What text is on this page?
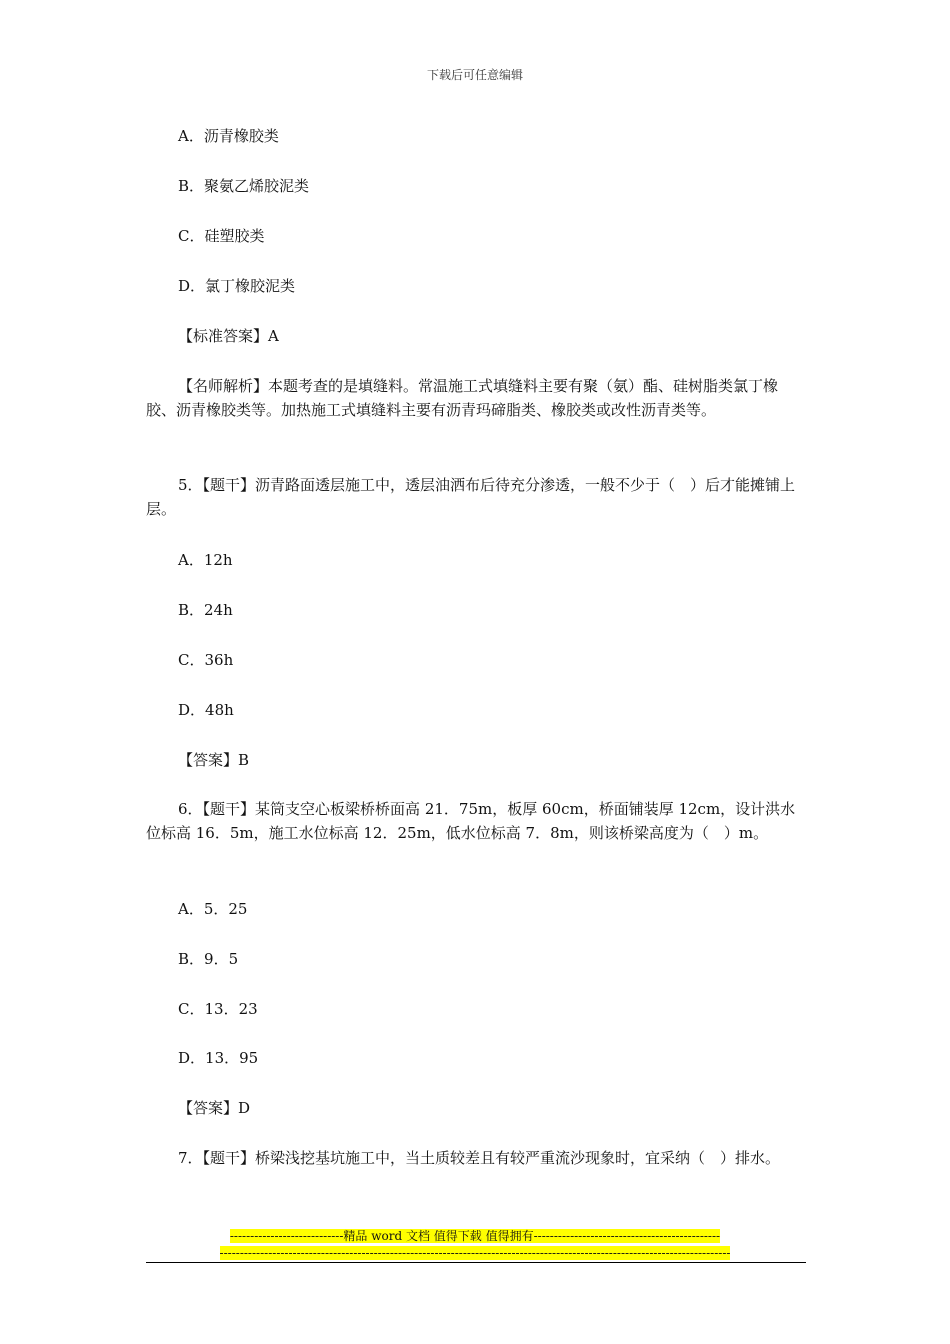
下载后可任意编辑
A．沥青橡胶类
B．聚氨乙烯胶泥类
C．硅塑胶类
D．氯丁橡胶泥类
【标准答案】A
【名师解析】本题考查的是填缝料。常温施工式填缝料主要有聚（氨）酯、硅树脂类氯丁橡胶、沥青橡胶类等。加热施工式填缝料主要有沥青玛碲脂类、橡胶类或改性沥青类等。
5．【题干】沥青路面透层施工中，透层油洒布后待充分渗透，一般不少于（　）后才能摊铺上层。
A．12h
B．24h
C．36h
D．48h
【答案】B
6．【题干】某筒支空心板梁桥桥面高 21．75m，板厚 60cm，桥面铺装厚 12cm，设计洪水位标高 16．5m，施工水位标高 12．25m，低水位标高 7．8m，则该桥梁高度为（　）m。
A．5．25
B．9．5
C．13．23
D．13．95
【答案】D
7．【题干】桥梁浅挖基坑施工中，当土质较差且有较严重流沙现象时，宜采纳（　）排水。
----------------------------精品 word 文档 值得下载 值得拥有----------------------------------------------
------------------------------------------------------------------------------------------------------------------------------
